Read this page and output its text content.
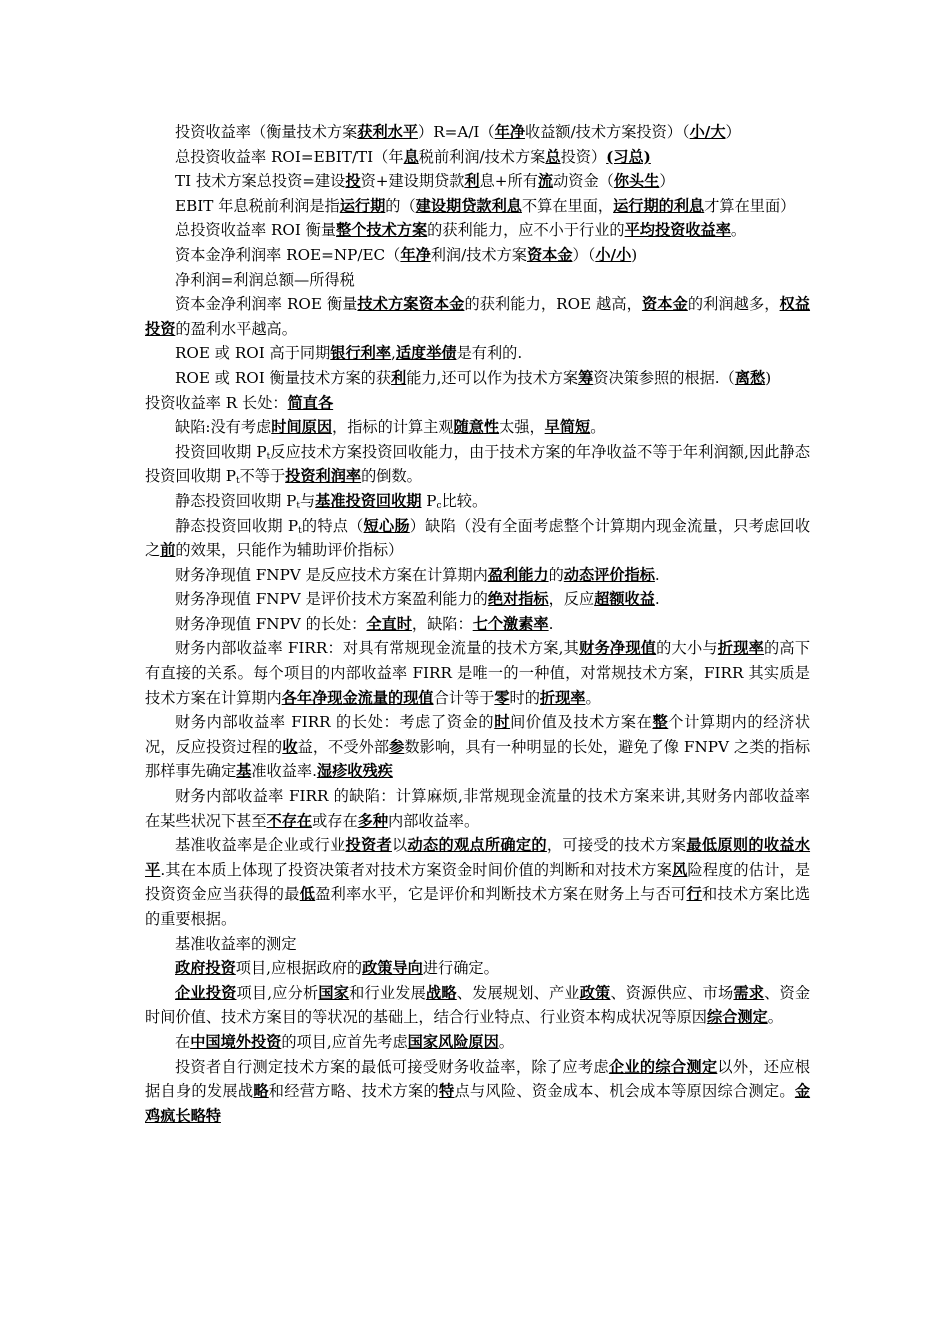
投资收益率（衡量技术方案获利水平）R=A/I（年净收益额/技术方案投资）（小/大）

总投资收益率 ROI=EBIT/TI（年息税前利润/技术方案总投资）(习总)

TI 技术方案总投资=建设投资+建设期贷款利息+所有流动资金（你头生）

EBIT 年息税前利润是指运行期的（建设期贷款利息不算在里面，运行期的利息才算在里面）

总投资收益率 ROI 衡量整个技术方案的获利能力，应不小于行业的平均投资收益率。

资本金净利润率 ROE=NP/EC（年净利润/技术方案资本金）（小/小)

净利润=利润总额—所得税

资本金净利润率 ROE 衡量技术方案资本金的获利能力，ROE 越高，资本金的利润越多，权益投资的盈利水平越高。

ROE 或 ROI 高于同期银行利率,适度举债是有利的.

ROE 或 ROI 衡量技术方案的获利能力,还可以作为技术方案筹资决策参照的根据.（离愁)

投资收益率 R 长处：简直各

缺陷:没有考虑时间原因，指标的计算主观随意性太强，早简短。

投资回收期 $P_t$反应技术方案投资回收能力，由于技术方案的年净收益不等于年利润额,因此静态投资回收期 $P_t$不等于投资利润率的倒数。

静态投资回收期 $P_t$与基准投资回收期 $P_c$比较。

静态投资回收期 $P_t$的特点（短心肠）缺陷（没有全面考虑整个计算期内现金流量，只考虑回收之前的效果，只能作为辅助评价指标）

财务净现值 FNPV 是反应技术方案在计算期内盈利能力的动态评价指标.

财务净现值 FNPV 是评价技术方案盈利能力的绝对指标，反应超额收益.

财务净现值 FNPV 的长处：全直时，缺陷：七个激素率.

财务内部收益率 FIRR：对具有常规现金流量的技术方案,其财务净现值的大小与折现率的高下有直接的关系。每个项目的内部收益率 FIRR 是唯一的一种值，对常规技术方案，FIRR 其实质是技术方案在计算期内各年净现金流量的现值合计等于零时的折现率。

财务内部收益率 FIRR 的长处：考虑了资金的时间价值及技术方案在整个计算期内的经济状况，反应投资过程的收益，不受外部参数影响，具有一种明显的长处，避免了像 FNPV 之类的指标那样事先确定基准收益率.湿疹收残疾

财务内部收益率 FIRR 的缺陷：计算麻烦,非常规现金流量的技术方案来讲,其财务内部收益率在某些状况下甚至不存在或存在多种内部收益率。

基准收益率是企业或行业投资者以动态的观点所确定的，可接受的技术方案最低原则的收益水平.其在本质上体现了投资决策者对技术方案资金时间价值的判断和对技术方案风险程度的估计，是投资资金应当获得的最低盈利率水平，它是评价和判断技术方案在财务上与否可行和技术方案比选的重要根据。

基准收益率的测定

政府投资项目,应根据政府的政策导向进行确定。

企业投资项目,应分析国家和行业发展战略、发展规划、产业政策、资源供应、市场需求、资金时间价值、技术方案目的等状况的基础上，结合行业特点、行业资本构成状况等原因综合测定。

在中国境外投资的项目,应首先考虑国家风险原因。

投资者自行测定技术方案的最低可接受财务收益率，除了应考虑企业的综合测定以外，还应根据自身的发展战略和经营方略、技术方案的特点与风险、资金成本、机会成本等原因综合测定。金鸡疯长略特
